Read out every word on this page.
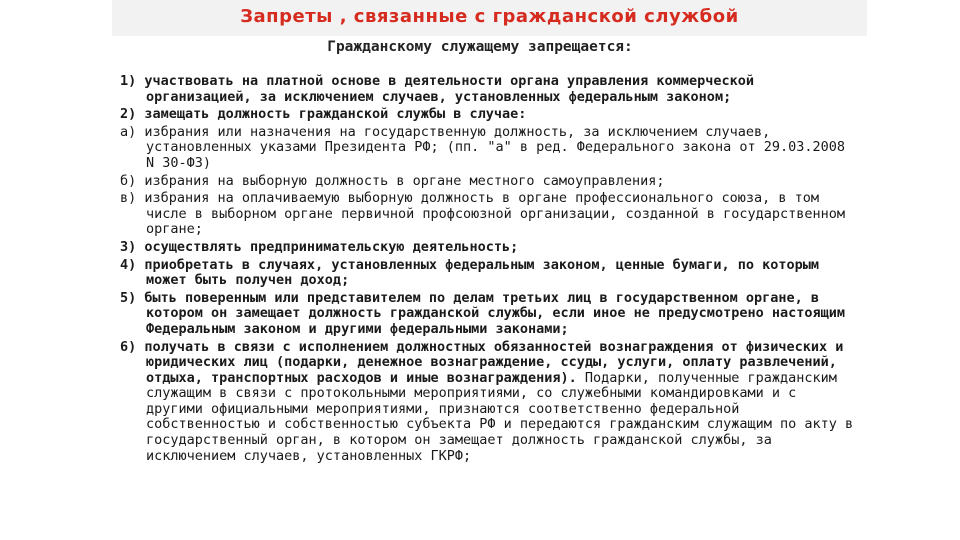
Запреты , связанные с гражданской службой
Гражданскому служащему запрещается:

1) участвовать на платной основе в деятельности органа управления коммерческой организацией, за исключением случаев, установленных федеральным законом;

2) замещать должность гражданской службы в случае:

а) избрания или назначения на государственную должность, за исключением случаев, установленных указами Президента РФ; (пп. "а" в ред. Федерального закона от 29.03.2008 N 30-ФЗ)

б) избрания на выборную должность в органе местного самоуправления;

в) избрания на оплачиваемую выборную должность в органе профессионального союза, в том числе в выборном органе первичной профсоюзной организации, созданной в государственном органе;

3) осуществлять предпринимательскую деятельность;

4) приобретать в случаях, установленных федеральным законом, ценные бумаги, по которым может быть получен доход;

5) быть поверенным или представителем по делам третьих лиц в государственном органе, в котором он замещает должность гражданской службы, если иное не предусмотрено настоящим Федеральным законом и другими федеральными законами;

6) получать в связи с исполнением должностных обязанностей вознаграждения от физических и юридических лиц (подарки, денежное вознаграждение, ссуды, услуги, оплату развлечений, отдыха, транспортных расходов и иные вознаграждения). Подарки, полученные гражданским служащим в связи с протокольными мероприятиями, со служебными командировками и с другими официальными мероприятиями, признаются соответственно федеральной собственностью и собственностью субъекта РФ и передаются гражданским служащим по акту в государственный орган, в котором он замещает должность гражданской службы, за исключением случаев, установленных ГКРФ;
